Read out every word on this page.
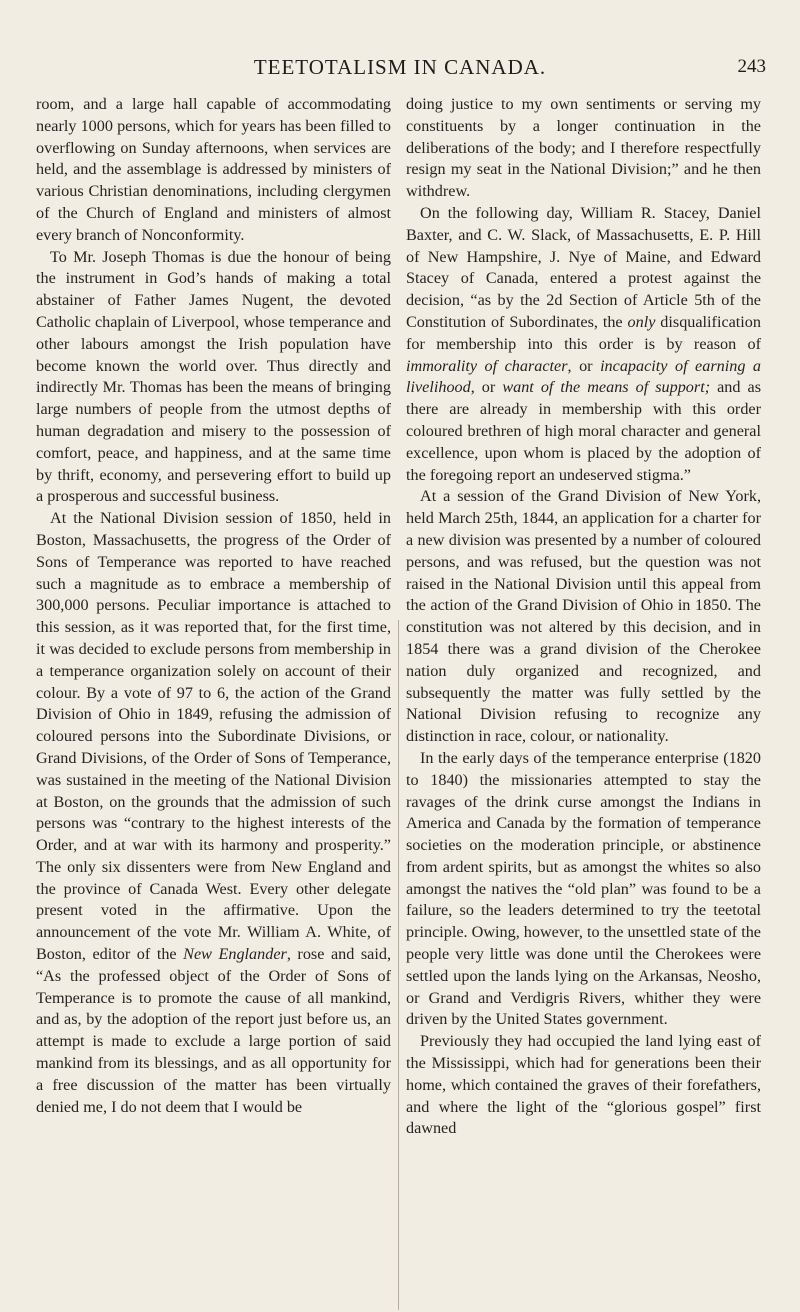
TEETOTALISM IN CANADA.	243

room, and a large hall capable of accommodating nearly 1000 persons, which for years has been filled to overflowing on Sunday afternoons, when services are held, and the assemblage is addressed by ministers of various Christian denominations, including clergymen of the Church of England and ministers of almost every branch of Nonconformity.

To Mr. Joseph Thomas is due the honour of being the instrument in God’s hands of making a total abstainer of Father James Nugent, the devoted Catholic chaplain of Liverpool, whose temperance and other labours amongst the Irish population have become known the world over. Thus directly and indirectly Mr. Thomas has been the means of bringing large numbers of people from the utmost depths of human degradation and misery to the possession of comfort, peace, and happiness, and at the same time by thrift, economy, and persevering effort to build up a prosperous and successful business.

At the National Division session of 1850, held in Boston, Massachusetts, the progress of the Order of Sons of Temperance was reported to have reached such a magnitude as to embrace a membership of 300,000 persons. Peculiar importance is attached to this session, as it was reported that, for the first time, it was decided to exclude persons from membership in a temperance organization solely on account of their colour. By a vote of 97 to 6, the action of the Grand Division of Ohio in 1849, refusing the admission of coloured persons into the Subordinate Divisions, or Grand Divisions, of the Order of Sons of Temperance, was sustained in the meeting of the National Division at Boston, on the grounds that the admission of such persons was “contrary to the highest interests of the Order, and at war with its harmony and prosperity.” The only six dissenters were from New England and the province of Canada West. Every other delegate present voted in the affirmative. Upon the announcement of the vote Mr. William A. White, of Boston, editor of the New Englander, rose and said, “As the professed object of the Order of Sons of Temperance is to promote the cause of all mankind, and as, by the adoption of the report just before us, an attempt is made to exclude a large portion of said mankind from its blessings, and as all opportunity for a free discussion of the matter has been virtually denied me, I do not deem that I would be

doing justice to my own sentiments or serving my constituents by a longer continuation in the deliberations of the body; and I therefore respectfully resign my seat in the National Division;” and he then withdrew.

On the following day, William R. Stacey, Daniel Baxter, and C. W. Slack, of Massachusetts, E. P. Hill of New Hampshire, J. Nye of Maine, and Edward Stacey of Canada, entered a protest against the decision, “as by the 2d Section of Article 5th of the Constitution of Subordinates, the only disqualification for membership into this order is by reason of immorality of character, or incapacity of earning a livelihood, or want of the means of support; and as there are already in membership with this order coloured brethren of high moral character and general excellence, upon whom is placed by the adoption of the foregoing report an undeserved stigma.”

At a session of the Grand Division of New York, held March 25th, 1844, an application for a charter for a new division was presented by a number of coloured persons, and was refused, but the question was not raised in the National Division until this appeal from the action of the Grand Division of Ohio in 1850. The constitution was not altered by this decision, and in 1854 there was a grand division of the Cherokee nation duly organized and recognized, and subsequently the matter was fully settled by the National Division refusing to recognize any distinction in race, colour, or nationality.

In the early days of the temperance enterprise (1820 to 1840) the missionaries attempted to stay the ravages of the drink curse amongst the Indians in America and Canada by the formation of temperance societies on the moderation principle, or abstinence from ardent spirits, but as amongst the whites so also amongst the natives the “old plan” was found to be a failure, so the leaders determined to try the teetotal principle. Owing, however, to the unsettled state of the people very little was done until the Cherokees were settled upon the lands lying on the Arkansas, Neosho, or Grand and Verdigris Rivers, whither they were driven by the United States government.

Previously they had occupied the land lying east of the Mississippi, which had for generations been their home, which contained the graves of their forefathers, and where the light of the “glorious gospel” first dawned
